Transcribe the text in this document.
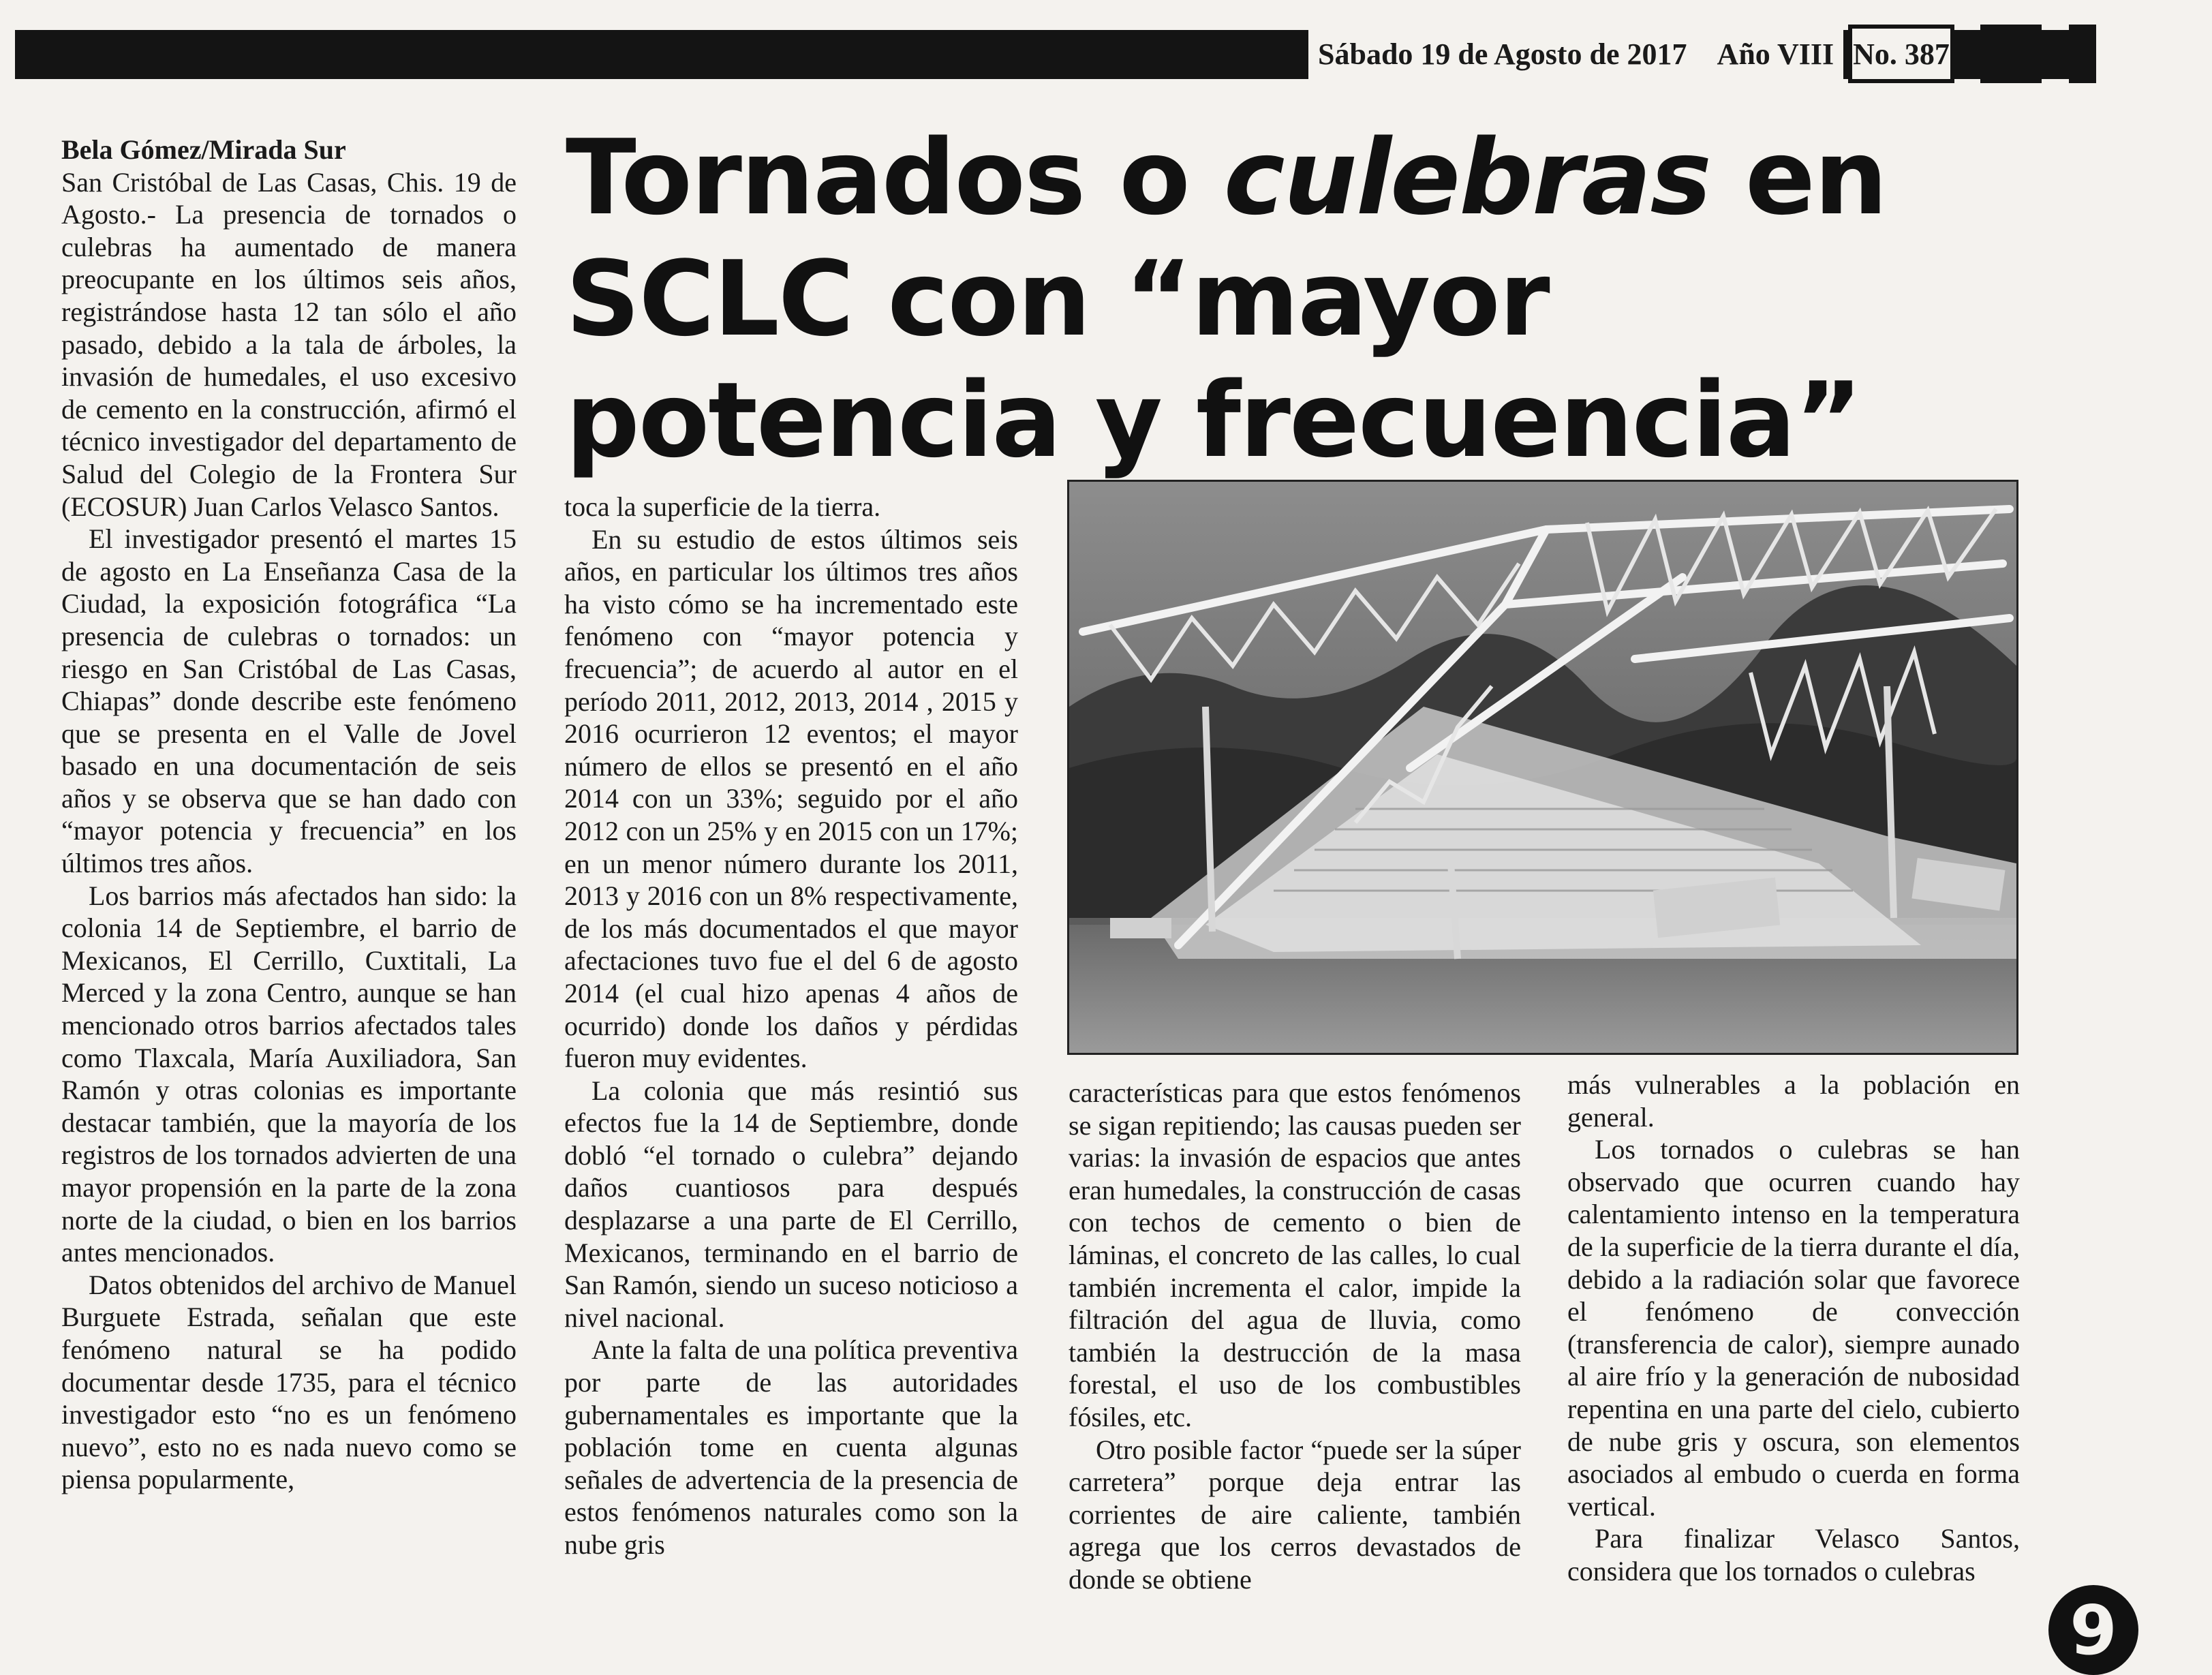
Sábado 19 de Agosto de 2017 Año VIII No. 387
Tornados o culebras en
SCLC con “mayor
potencia y frecuencia”

Bela Gómez/Mirada Sur

San Cristóbal de Las Casas, Chis. 19 de Agosto.- La presencia de tornados o culebras ha aumentado de manera preocupante en los últimos seis años, registrándose hasta 12 tan sólo el año pasado, debido a la tala de árboles, la invasión de humedales, el uso excesivo de cemento en la construcción, afirmó el técnico investigador del departamento de Salud del Colegio de la Frontera Sur (ECOSUR) Juan Carlos Velasco Santos.

El investigador presentó el martes 15 de agosto en La Enseñanza Casa de la Ciudad, la exposición fotográfica “La presencia de culebras o tornados: un riesgo en San Cristóbal de Las Casas, Chiapas” donde describe este fenómeno que se presenta en el Valle de Jovel basado en una documentación de seis años y se observa que se han dado con “mayor potencia y frecuencia” en los últimos tres años.

Los barrios más afectados han sido: la colonia 14 de Septiembre, el barrio de Mexicanos, El Cerrillo, Cuxtitali, La Merced y la zona Centro, aunque se han mencionado otros barrios afectados tales como Tlaxcala, María Auxiliadora, San Ramón y otras colonias es importante destacar también, que la mayoría de los registros de los tornados advierten de una mayor propensión en la parte de la zona norte de la ciudad, o bien en los barrios antes mencionados.

Datos obtenidos del archivo de Manuel Burguete Estrada, señalan que este fenómeno natural se ha podido documentar desde 1735, para el técnico investigador esto “no es un fenómeno nuevo”, esto no es nada nuevo como se piensa popularmente,

toca la superficie de la tierra.

En su estudio de estos últimos seis años, en particular los últimos tres años ha visto cómo se ha incrementado este fenómeno con “mayor potencia y frecuencia”; de acuerdo al autor en el período 2011, 2012, 2013, 2014 , 2015 y 2016 ocurrieron 12 eventos; el mayor número de ellos se presentó en el año 2014 con un 33%; seguido por el año 2012 con un 25% y en 2015 con un 17%; en un menor número durante los 2011, 2013 y 2016 con un 8% respectivamente, de los más documentados el que mayor afectaciones tuvo fue el del 6 de agosto 2014 (el cual hizo apenas 4 años de ocurrido) donde los daños y pérdidas fueron muy evidentes.

La colonia que más resintió sus efectos fue la 14 de Septiembre, donde dobló “el tornado o culebra” dejando daños cuantiosos para después desplazarse a una parte de El Cerrillo, Mexicanos, terminando en el barrio de San Ramón, siendo un suceso noticioso a nivel nacional.

Ante la falta de una política preventiva por parte de las autoridades gubernamentales es importante que la población tome en cuenta algunas señales de advertencia de la presencia de estos fenómenos naturales como son la nube gris

características para que estos fenómenos se sigan repitiendo; las causas pueden ser varias: la invasión de espacios que antes eran humedales, la construcción de casas con techos de cemento o bien de láminas, el concreto de las calles, lo cual también incrementa el calor, impide la filtración del agua de lluvia, como también la destrucción de la masa forestal, el uso de los combustibles fósiles, etc.

Otro posible factor “puede ser la súper carretera” porque deja entrar las corrientes de aire caliente, también agrega que los cerros devastados de donde se obtiene

más vulnerables a la población en general.

Los tornados o culebras se han observado que ocurren cuando hay calentamiento intenso en la temperatura de la superficie de la tierra durante el día, debido a la radiación solar que favorece el fenómeno de convección (transferencia de calor), siempre aunado al aire frío y la generación de nubosidad repentina en una parte del cielo, cubierto de nube gris y oscura, son elementos asociados al embudo o cuerda en forma vertical.

Para finalizar Velasco Santos, considera que los tornados o culebras

9
